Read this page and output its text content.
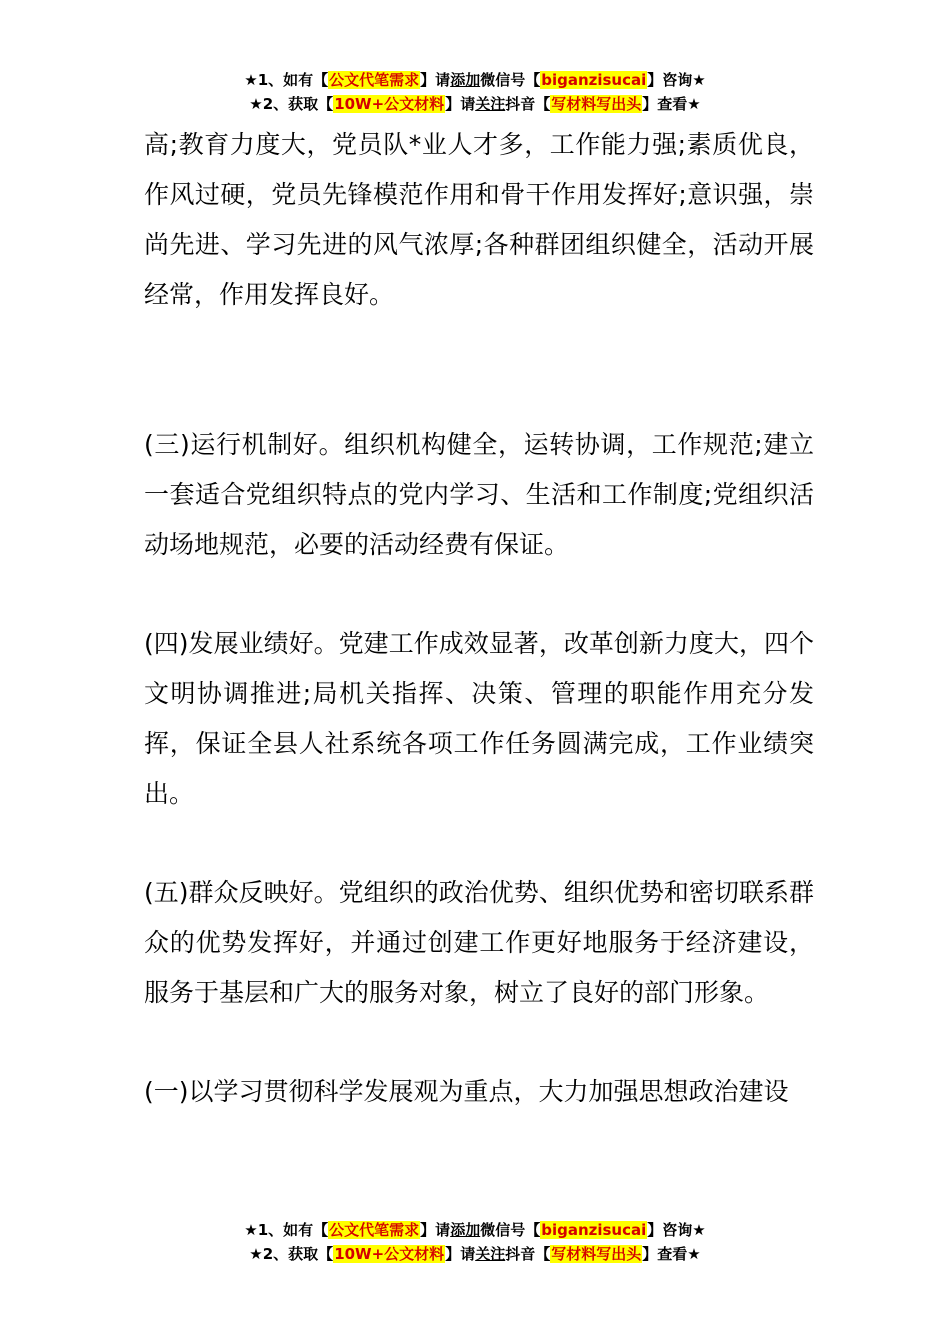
★1、如有【公文代笔需求】请添加微信号【biganzisucai】咨询★
★2、获取【10W+公文材料】请关注抖音【写材料写出头】查看★

高;教育力度大，党员队*业人才多，工作能力强;素质优良，作风过硬，党员先锋模范作用和骨干作用发挥好;意识强，崇尚先进、学习先进的风气浓厚;各种群团组织健全，活动开展经常，作用发挥良好。

(三)运行机制好。组织机构健全，运转协调，工作规范;建立一套适合党组织特点的党内学习、生活和工作制度;党组织活动场地规范，必要的活动经费有保证。

(四)发展业绩好。党建工作成效显著，改革创新力度大，四个文明协调推进;局机关指挥、决策、管理的职能作用充分发挥，保证全县人社系统各项工作任务圆满完成，工作业绩突出。

(五)群众反映好。党组织的政治优势、组织优势和密切联系群众的优势发挥好，并通过创建工作更好地服务于经济建设，服务于基层和广大的服务对象，树立了良好的部门形象。

(一)以学习贯彻科学发展观为重点，大力加强思想政治建设

★1、如有【公文代笔需求】请添加微信号【biganzisucai】咨询★
★2、获取【10W+公文材料】请关注抖音【写材料写出头】查看★
